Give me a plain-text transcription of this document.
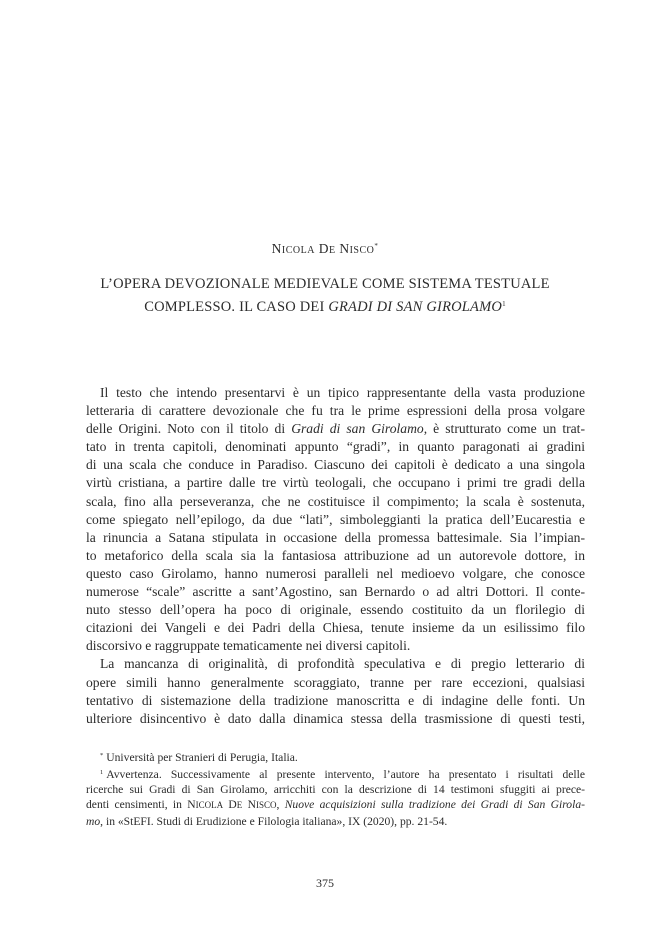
NICOLA DE NISCO*
L’OPERA DEVOZIONALE MEDIEVALE COME SISTEMA TESTUALE
COMPLESSO. IL CASO DEI GRADI DI SAN GIROLAMO$^1$
Il testo che intendo presentarvi è un tipico rappresentante della vasta produzione
letteraria di carattere devozionale che fu tra le prime espressioni della prosa volgare
delle Origini. Noto con il titolo di Gradi di san Girolamo, è strutturato come un trat-
tato in trenta capitoli, denominati appunto “gradi”, in quanto paragonati ai gradini
di una scala che conduce in Paradiso. Ciascuno dei capitoli è dedicato a una singola
virtù cristiana, a partire dalle tre virtù teologali, che occupano i primi tre gradi della
scala, fino alla perseveranza, che ne costituisce il compimento; la scala è sostenuta,
come spiegato nell’epilogo, da due “lati”, simboleggianti la pratica dell’Eucarestia e
la rinuncia a Satana stipulata in occasione della promessa battesimale. Sia l’impian-
to metaforico della scala sia la fantasiosa attribuzione ad un autorevole dottore, in
questo caso Girolamo, hanno numerosi paralleli nel medioevo volgare, che conosce
numerose “scale” ascritte a sant’Agostino, san Bernardo o ad altri Dottori. Il conte-
nuto stesso dell’opera ha poco di originale, essendo costituito da un florilegio di
citazioni dei Vangeli e dei Padri della Chiesa, tenute insieme da un esilissimo filo
discorsivo e raggruppate tematicamente nei diversi capitoli.
La mancanza di originalità, di profondità speculativa e di pregio letterario di
opere simili hanno generalmente scoraggiato, tranne per rare eccezioni, qualsiasi
tentativo di sistemazione della tradizione manoscritta e di indagine delle fonti. Un
ulteriore disincentivo è dato dalla dinamica stessa della trasmissione di questi testi,
* Università per Stranieri di Perugia, Italia.
$^1$ Avvertenza. Successivamente al presente intervento, l’autore ha presentato i risultati delle
ricerche sui Gradi di San Girolamo, arricchiti con la descrizione di 14 testimoni sfuggiti ai prece-
denti censimenti, in NICOLA DE NISCO, Nuove acquisizioni sulla tradizione dei Gradi di San Girola-
mo, in «StEFI. Studi di Erudizione e Filologia italiana», IX (2020), pp. 21-54.
375
